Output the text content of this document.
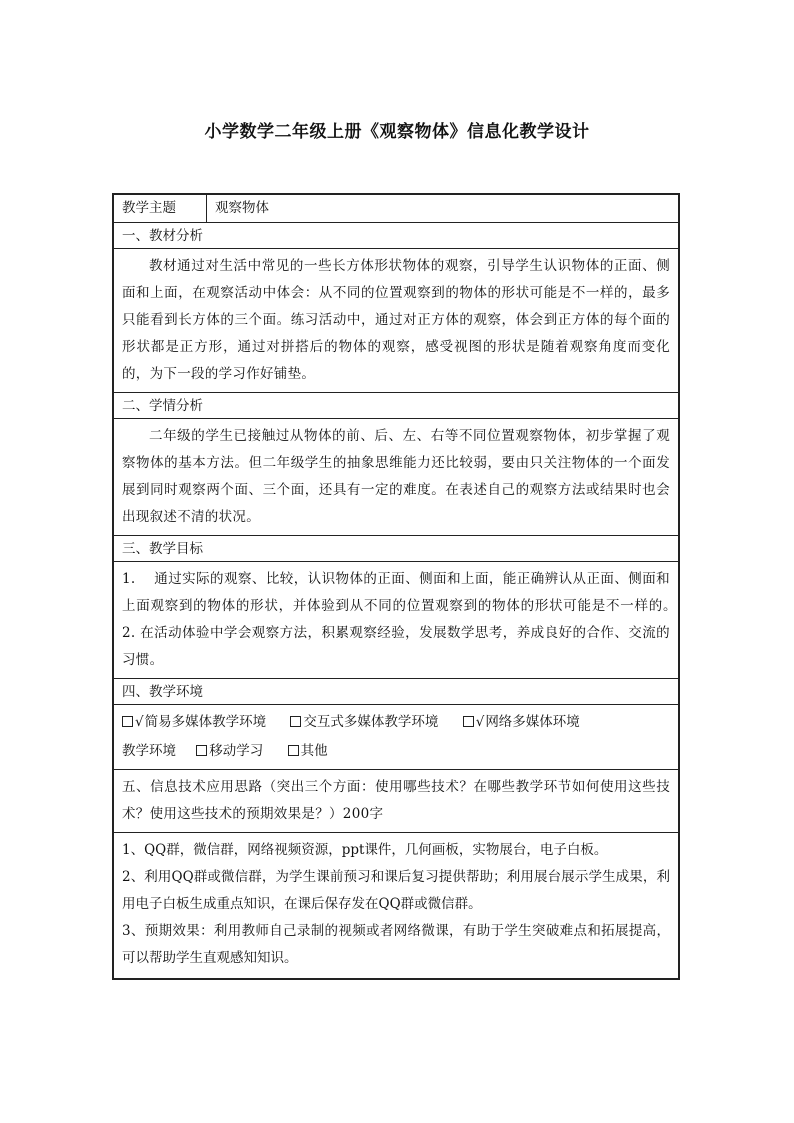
小学数学二年级上册《观察物体》信息化教学设计
教学主题	观察物体
一、教材分析
教材通过对生活中常见的一些长方体形状物体的观察，引导学生认识物体的正面、侧面和上面，在观察活动中体会：从不同的位置观察到的物体的形状可能是不一样的，最多只能看到长方体的三个面。练习活动中，通过对正方体的观察，体会到正方体的每个面的形状都是正方形，通过对拼搭后的物体的观察，感受视图的形状是随着观察角度而变化的，为下一段的学习作好铺垫。
二、学情分析
二年级的学生已接触过从物体的前、后、左、右等不同位置观察物体，初步掌握了观察物体的基本方法。但二年级学生的抽象思维能力还比较弱，要由只关注物体的一个面发展到同时观察两个面、三个面，还具有一定的难度。在表述自己的观察方法或结果时也会出现叙述不清的状况。
三、教学目标
1.　 通过实际的观察、比较，认识物体的正面、侧面和上面，能正确辨认从正面、侧面和上面观察到的物体的形状，并体验到从不同的位置观察到的物体的形状可能是不一样的。　2. 在活动体验中学会观察方法，积累观察经验，发展数学思考，养成良好的合作、交流的习惯。
四、教学环境
√简易多媒体教学环境	交互式多媒体教学环境	√网络多媒体环境
教学环境 移动学习	其他
五、信息技术应用思路（突出三个方面：使用哪些技术？在哪些教学环节如何使用这些技术？使用这些技术的预期效果是？）200字
1、QQ群，微信群，网络视频资源，ppt课件，几何画板，实物展台，电子白板。
2、利用QQ群或微信群，为学生课前预习和课后复习提供帮助；利用展台展示学生成果，利用电子白板生成重点知识，在课后保存发在QQ群或微信群。
3、预期效果：利用教师自己录制的视频或者网络微课，有助于学生突破难点和拓展提高，可以帮助学生直观感知知识。
